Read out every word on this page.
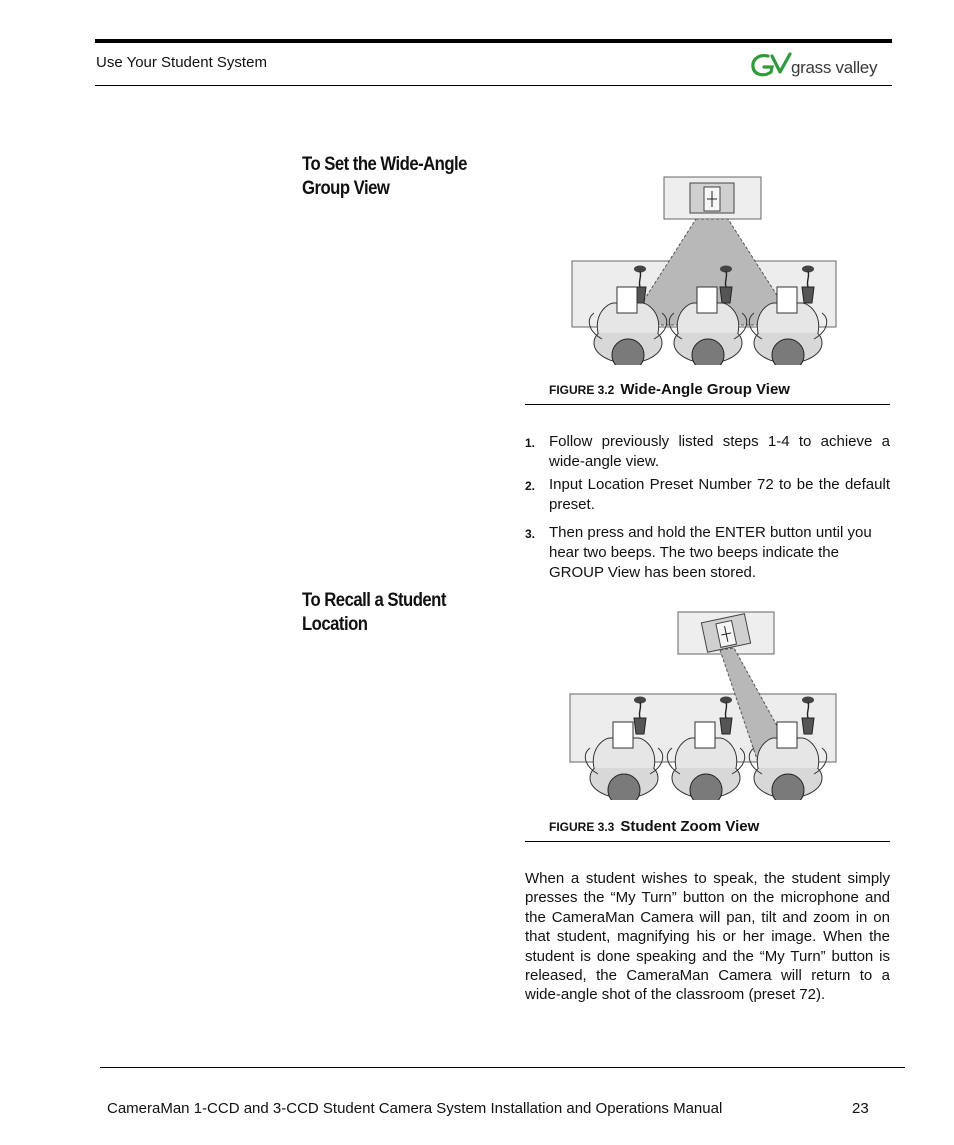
Use Your Student System	grass valley
To Set the Wide-Angle
Group View
FIGURE 3.2 Wide-Angle Group View
1. Follow previously listed steps 1-4 to achieve a wide-angle view.
2. Input Location Preset Number 72 to be the default preset.
3. Then press and hold the ENTER button until you hear two beeps. The two beeps indicate the GROUP View has been stored.
To Recall a Student
Location
FIGURE 3.3 Student Zoom View

When a student wishes to speak, the student simply presses the “My Turn” button on the microphone and the CameraMan Camera will pan, tilt and zoom in on that student, magnifying his or her image. When the student is done speaking and the “My Turn” button is released, the CameraMan Camera will return to a wide-angle shot of the classroom (preset 72).

CameraMan 1-CCD and 3-CCD Student Camera System Installation and Operations Manual	23
